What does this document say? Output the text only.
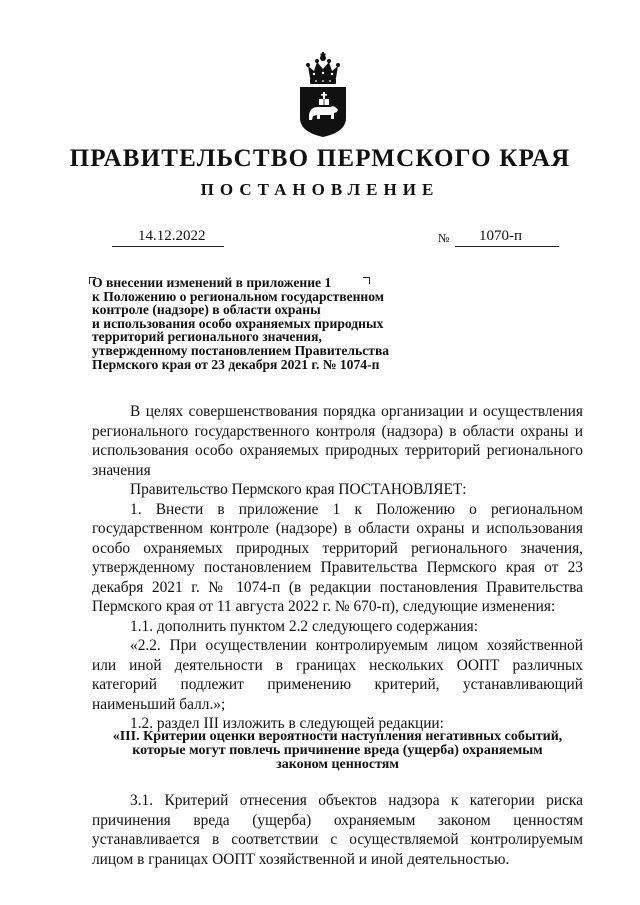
ПРАВИТЕЛЬСТВО ПЕРМСКОГО КРАЯ
ПОСТАНОВЛЕНИЕ
14.12.2022	№	1070-п
О внесении изменений в приложение 1
к Положению о региональном государственном
контроле (надзоре) в области охраны
и использования особо охраняемых природных
территорий регионального значения,
утвержденному постановлением Правительства
Пермского края от 23 декабря 2021 г. № 1074-п

В целях совершенствования порядка организации и осуществления регионального государственного контроля (надзора) в области охраны и использования особо охраняемых природных территорий регионального значения

Правительство Пермского края ПОСТАНОВЛЯЕТ:

1. Внести в приложение 1 к Положению о региональном государственном контроле (надзоре) в области охраны и использования особо охраняемых природных территорий регионального значения, утвержденному постановлением Правительства Пермского края от 23 декабря 2021 г. № 1074-п (в редакции постановления Правительства Пермского края от 11 августа 2022 г. № 670-п), следующие изменения:

1.1. дополнить пунктом 2.2 следующего содержания:

«2.2. При осуществлении контролируемым лицом хозяйственной или иной деятельности в границах нескольких ООПТ различных категорий подлежит применению критерий, устанавливающий наименьший балл.»;

1.2. раздел III изложить в следующей редакции:

«III. Критерии оценки вероятности наступления негативных событий,
которые могут повлечь причинение вреда (ущерба) охраняемым
законом ценностям

3.1. Критерий отнесения объектов надзора к категории риска причинения вреда (ущерба) охраняемым законом ценностям устанавливается в соответствии с осуществляемой контролируемым лицом в границах ООПТ хозяйственной и иной деятельностью.
